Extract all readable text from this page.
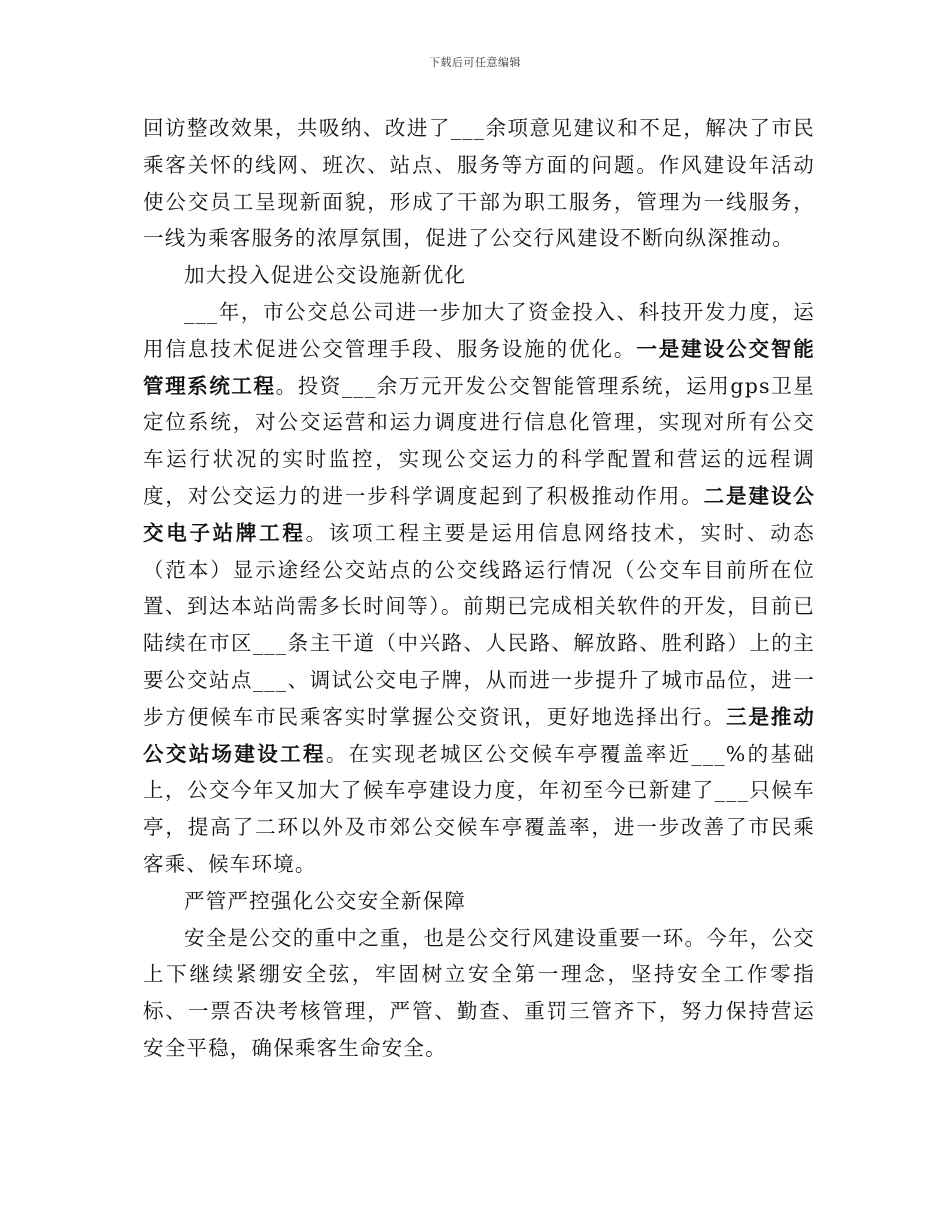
下载后可任意编辑

回访整改效果，共吸纳、改进了___余项意见建议和不足，解决了市民乘客关怀的线网、班次、站点、服务等方面的问题。作风建设年活动使公交员工呈现新面貌，形成了干部为职工服务，管理为一线服务，一线为乘客服务的浓厚氛围，促进了公交行风建设不断向纵深推动。

加大投入促进公交设施新优化

___年，市公交总公司进一步加大了资金投入、科技开发力度，运用信息技术促进公交管理手段、服务设施的优化。一是建设公交智能管理系统工程。投资___余万元开发公交智能管理系统，运用gps卫星定位系统，对公交运营和运力调度进行信息化管理，实现对所有公交车运行状况的实时监控，实现公交运力的科学配置和营运的远程调度，对公交运力的进一步科学调度起到了积极推动作用。二是建设公交电子站牌工程。该项工程主要是运用信息网络技术，实时、动态（范本）显示途经公交站点的公交线路运行情况（公交车目前所在位置、到达本站尚需多长时间等）。前期已完成相关软件的开发，目前已陆续在市区___条主干道（中兴路、人民路、解放路、胜利路）上的主要公交站点___、调试公交电子牌，从而进一步提升了城市品位，进一步方便候车市民乘客实时掌握公交资讯，更好地选择出行。三是推动公交站场建设工程。在实现老城区公交候车亭覆盖率近___%的基础上，公交今年又加大了候车亭建设力度，年初至今已新建了___只候车亭，提高了二环以外及市郊公交候车亭覆盖率，进一步改善了市民乘客乘、候车环境。

严管严控强化公交安全新保障

安全是公交的重中之重，也是公交行风建设重要一环。今年，公交上下继续紧绷安全弦，牢固树立安全第一理念，坚持安全工作零指标、一票否决考核管理，严管、勤查、重罚三管齐下，努力保持营运安全平稳，确保乘客生命安全。
